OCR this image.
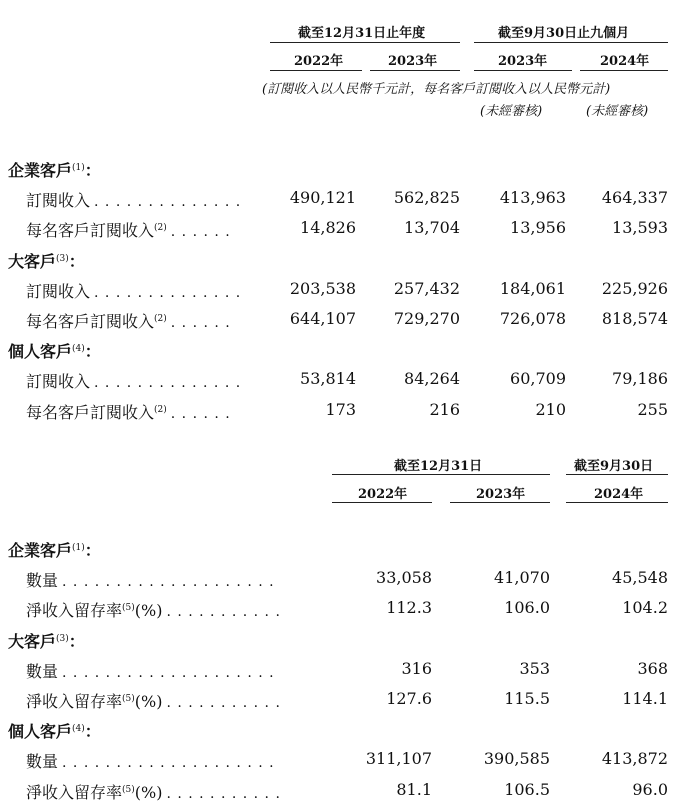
截至12月31日止年度	截至9月30日止九個月
2022年	2023年	2023年	2024年
(訂閱收入以人民幣千元計，每名客戶訂閱收入以人民幣元計)
(未經審核)	(未經審核)
企業客戶$^{(1)}$：
訂閱收入 . . . . . . . . . . . . . .	490,121 562,825 413,963 464,337
每名客戶訂閱收入$^{(2)}$ . . . . . .	14,826	13,704	13,956	13,593
大客戶$^{(3)}$：
訂閱收入 . . . . . . . . . . . . . .	203,538 257,432 184,061 225,926
每名客戶訂閱收入$^{(2)}$ . . . . . .	644,107 729,270 726,078 818,574
個人客戶$^{(4)}$：
訂閱收入 . . . . . . . . . . . . . .	53,814	84,264	60,709	79,186
每名客戶訂閱收入$^{(2)}$ . . . . . .	173	216	210	255
截至12月31日	截至9月30日
2022年	2023年	2024年
企業客戶$^{(1)}$：
數量 . . . . . . . . . . . . . . . . . . . .	33,058	41,070	45,548
淨收入留存率$^{(5)}$(%) . . . . . . . . . . .	112.3	106.0	104.2
大客戶$^{(3)}$：
數量 . . . . . . . . . . . . . . . . . . . .	316	353	368
淨收入留存率$^{(5)}$(%) . . . . . . . . . . .	127.6	115.5	114.1
個人客戶$^{(4)}$：
數量 . . . . . . . . . . . . . . . . . . . .	311,107	390,585	413,872
淨收入留存率$^{(5)}$(%) . . . . . . . . . . .	81.1	106.5	96.0
